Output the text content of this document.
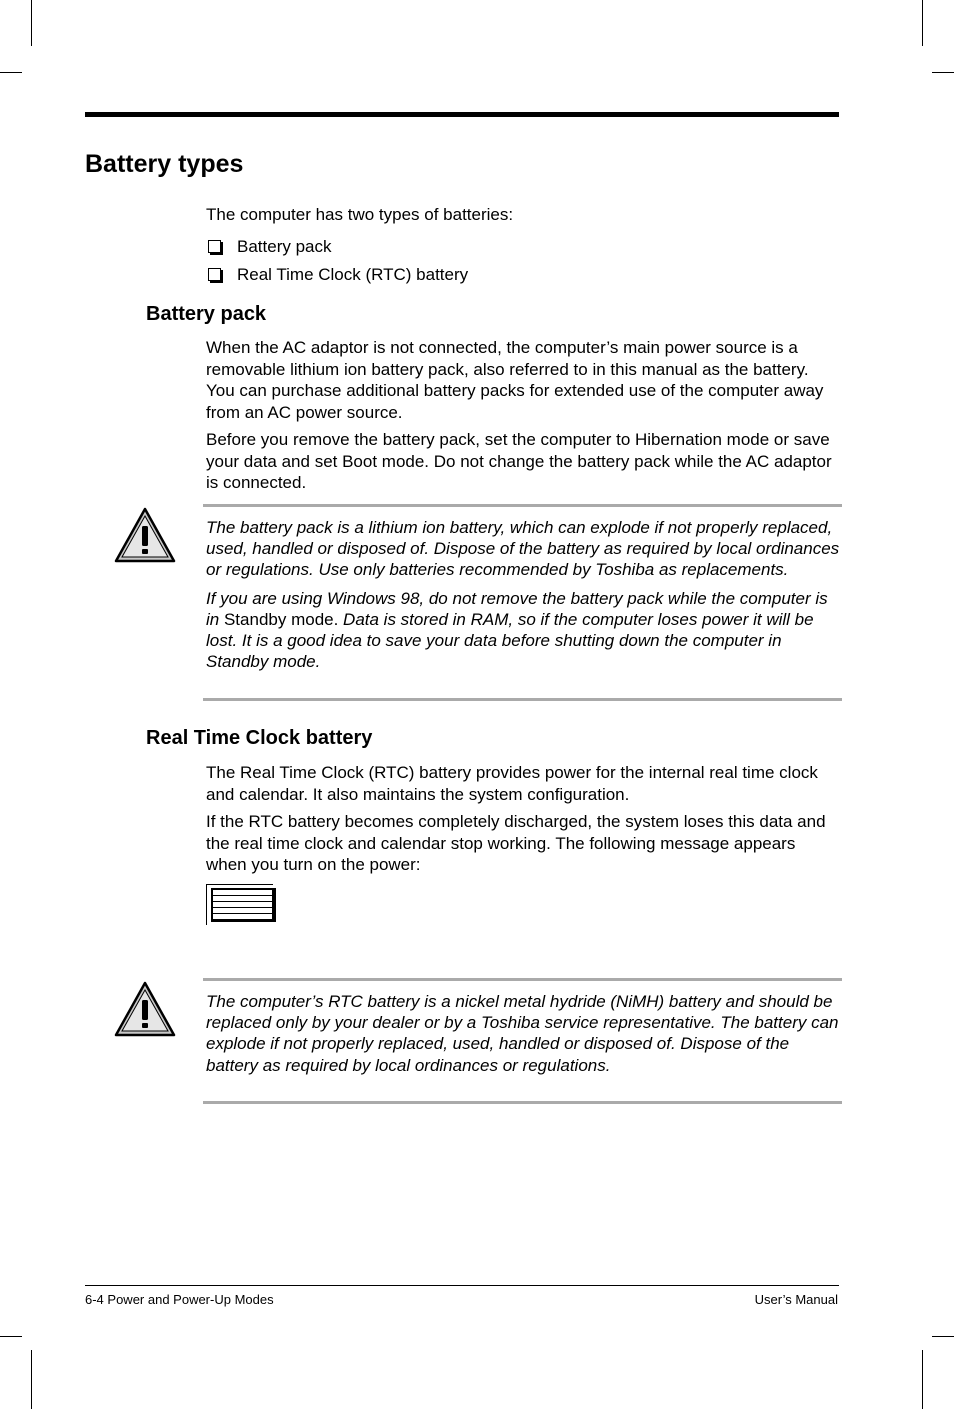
Battery types

The computer has two types of batteries:

Battery pack
Real Time Clock (RTC) battery
Battery pack

When the AC adaptor is not connected, the computer’s main power source is a removable lithium ion battery pack, also referred to in this manual as the battery. You can purchase additional battery packs for extended use of the computer away from an AC power source.

Before you remove the battery pack, set the computer to Hibernation mode or save your data and set Boot mode. Do not change the battery pack while the AC adaptor is connected.

The battery pack is a lithium ion battery, which can explode if not properly replaced, used, handled or disposed of. Dispose of the battery as required by local ordinances or regulations. Use only batteries recommended by Toshiba as replacements.

If you are using Windows 98, do not remove the battery pack while the computer is in Standby mode. Data is stored in RAM, so if the computer loses power it will be lost. It is a good idea to save your data before shutting down the computer in Standby mode.

Real Time Clock battery

The Real Time Clock (RTC) battery provides power for the internal real time clock and calendar. It also maintains the system configuration.

If the RTC battery becomes completely discharged, the system loses this data and the real time clock and calendar stop working. The following message appears when you turn on the power:

The computer’s RTC battery is a nickel metal hydride (NiMH) battery and should be replaced only by your dealer or by a Toshiba service representative. The battery can explode if not properly replaced, used, handled or disposed of. Dispose of the battery as required by local ordinances or regulations.

6-4 Power and Power-Up Modes	User’s Manual
